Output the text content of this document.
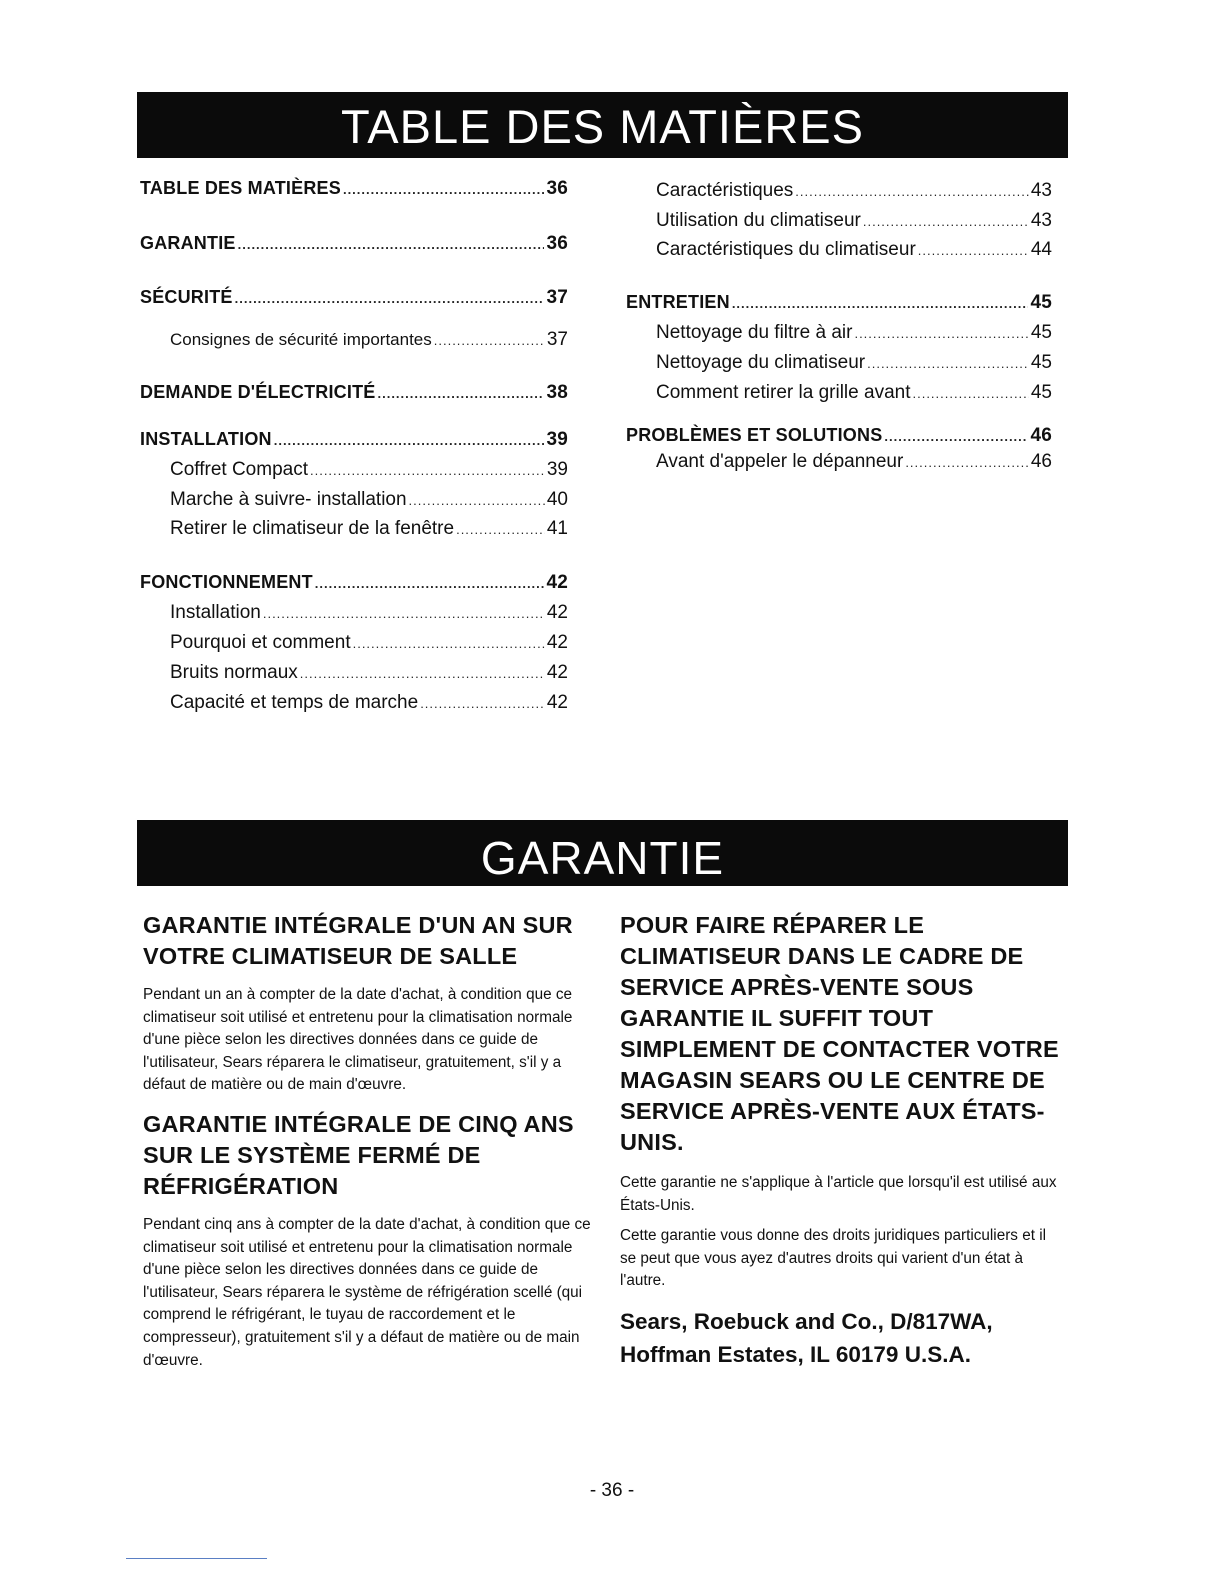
TABLE DES MATIÈRES
TABLE DES MATIÈRES .....	36
GARANTIE .....	36
SÉCURITÉ .....	37
Consignes de sécurité importantes .....	37
DEMANDE D'ÉLECTRICITÉ .....	38
INSTALLATION .....	39
Coffret Compact .....	39
Marche à suivre- installation .....	40
Retirer le climatiseur de la fenêtre .....	41
FONCTIONNEMENT .....	42
Installation .....	42
Pourquoi et comment .....	42
Bruits normaux .....	42
Capacité et temps de marche .....	42
Caractéristiques .....	43
Utilisation du climatiseur .....	43
Caractéristiques du climatiseur .....	44
ENTRETIEN .....	45
Nettoyage du filtre à air .....	45
Nettoyage du climatiseur .....	45
Comment retirer la grille avant .....	45
PROBLÈMES ET SOLUTIONS .....	46
Avant d'appeler le dépanneur .....	46
GARANTIE

GARANTIE INTÉGRALE D'UN AN SUR VOTRE CLIMATISEUR DE SALLE

Pendant un an à compter de la date d'achat, à condition que ce climatiseur soit utilisé et entretenu pour la climatisation normale d'une pièce selon les directives données dans ce guide de l'utilisateur, Sears réparera le climatiseur, gratuitement, s'il y a défaut de matière ou de main d'œuvre.

GARANTIE INTÉGRALE DE CINQ ANS SUR LE SYSTÈME FERMÉ DE RÉFRIGÉRATION

Pendant cinq ans à compter de la date d'achat, à condition que ce climatiseur soit utilisé et entretenu pour la climatisation normale d'une pièce selon les directives données dans ce guide de l'utilisateur, Sears réparera le système de réfrigération scellé (qui comprend le réfrigérant, le tuyau de raccordement et le compresseur), gratuitement s'il y a défaut de matière ou de main d'œuvre.

POUR FAIRE RÉPARER LE CLIMATISEUR DANS LE CADRE DE SERVICE APRÈS-VENTE SOUS GARANTIE IL SUFFIT TOUT SIMPLEMENT DE CONTACTER VOTRE MAGASIN SEARS OU LE CENTRE DE SERVICE APRÈS-VENTE AUX ÉTATS-UNIS.

Cette garantie ne s'applique à l'article que lorsqu'il est utilisé aux États-Unis.

Cette garantie vous donne des droits juridiques particuliers et il se peut que vous ayez d'autres droits qui varient d'un état à l'autre.

Sears, Roebuck and Co., D/817WA,

Hoffman Estates, IL 60179 U.S.A.

- 36 -
